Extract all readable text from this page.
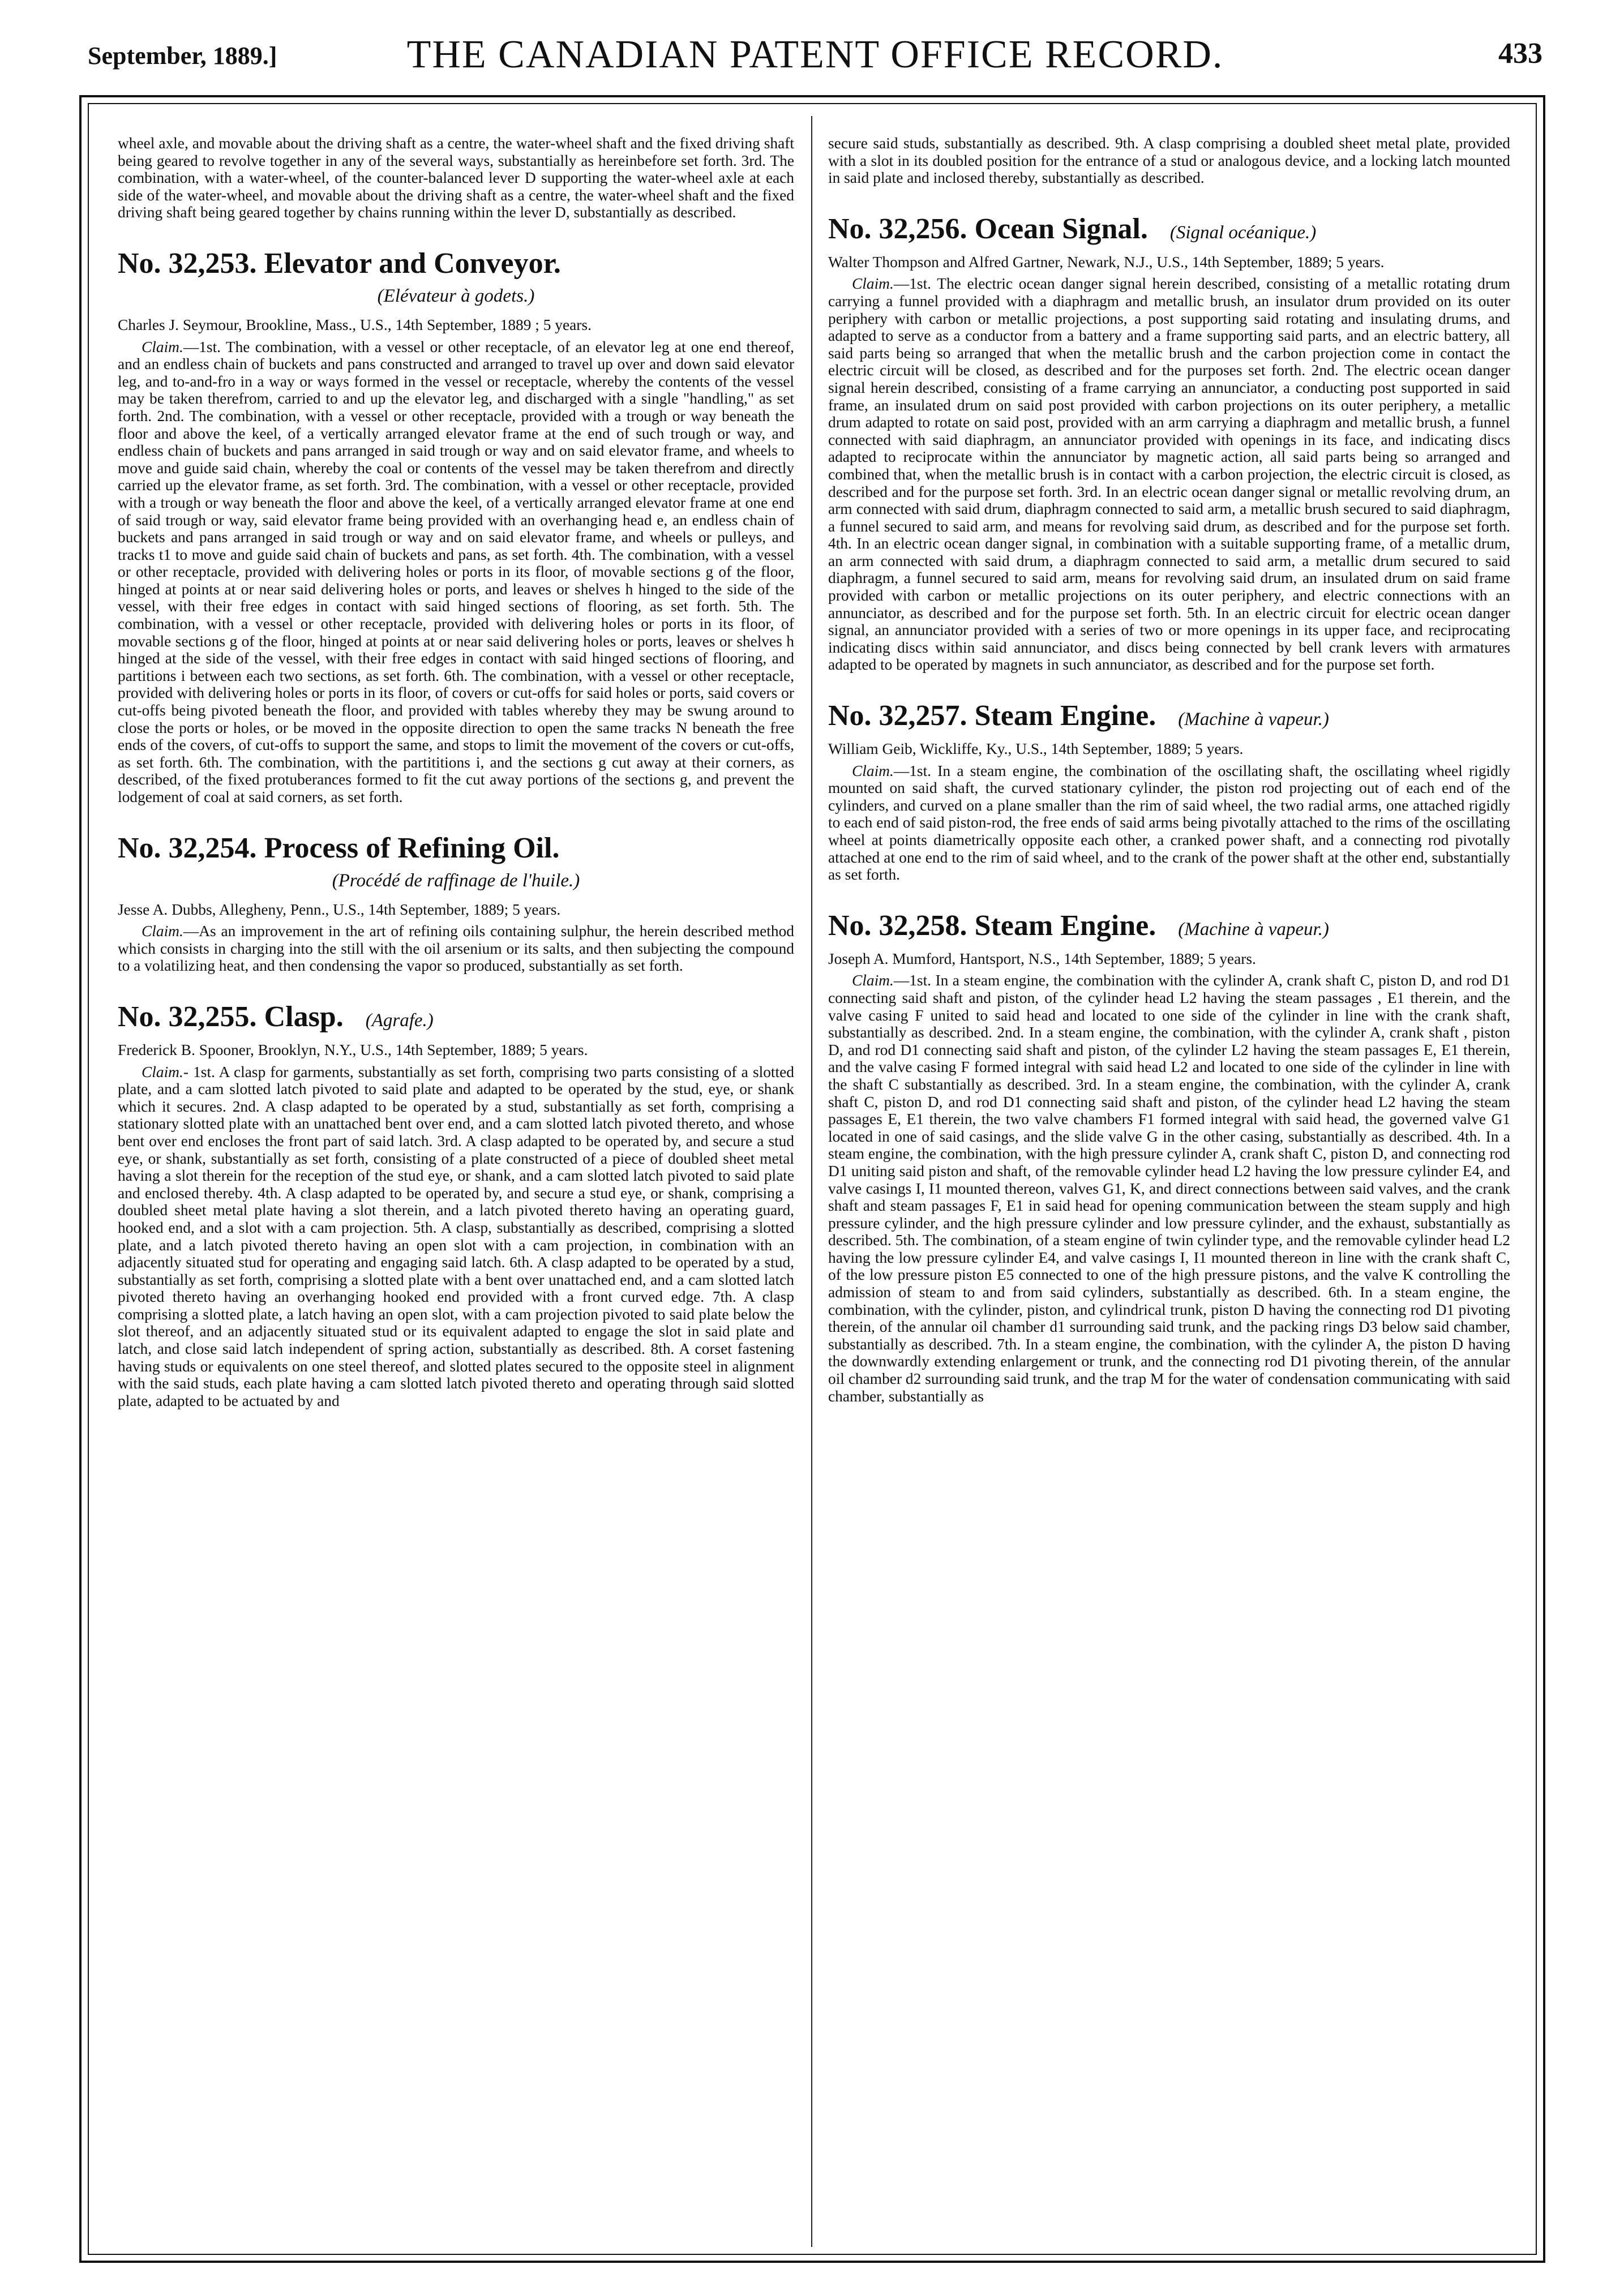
September, 1889.]	THE CANADIAN PATENT OFFICE RECORD.	433

wheel axle, and movable about the driving shaft as a centre, the water-wheel shaft and the fixed driving shaft being geared to revolve together in any of the several ways, substantially as hereinbefore set forth. 3rd. The combination, with a water-wheel, of the counter-balanced lever D supporting the water-wheel axle at each side of the water-wheel, and movable about the driving shaft as a centre, the water-wheel shaft and the fixed driving shaft being geared together by chains running within the lever D, substantially as described.

No. 32,253. Elevator and Conveyor.
(Elévateur à godets.)

Charles J. Seymour, Brookline, Mass., U.S., 14th September, 1889 ; 5 years.

Claim.—1st. The combination, with a vessel or other receptacle, of an elevator leg at one end thereof, and an endless chain of buckets and pans constructed and arranged to travel up over and down said elevator leg, and to-and-fro in a way or ways formed in the vessel or receptacle, whereby the contents of the vessel may be taken therefrom, carried to and up the elevator leg, and discharged with a single "handling," as set forth. 2nd. The combination, with a vessel or other receptacle, provided with a trough or way beneath the floor and above the keel, of a vertically arranged elevator frame at the end of such trough or way, and endless chain of buckets and pans arranged in said trough or way and on said elevator frame, and wheels to move and guide said chain, whereby the coal or contents of the vessel may be taken therefrom and directly carried up the elevator frame, as set forth. 3rd. The combination, with a vessel or other receptacle, provided with a trough or way beneath the floor and above the keel, of a vertically arranged elevator frame at one end of said trough or way, said elevator frame being provided with an overhanging head e, an endless chain of buckets and pans arranged in said trough or way and on said elevator frame, and wheels or pulleys, and tracks t1 to move and guide said chain of buckets and pans, as set forth. 4th. The combination, with a vessel or other receptacle, provided with delivering holes or ports in its floor, of movable sections g of the floor, hinged at points at or near said delivering holes or ports, and leaves or shelves h hinged to the side of the vessel, with their free edges in contact with said hinged sections of flooring, as set forth. 5th. The combination, with a vessel or other receptacle, provided with delivering holes or ports in its floor, of movable sections g of the floor, hinged at points at or near said delivering holes or ports, leaves or shelves h hinged at the side of the vessel, with their free edges in contact with said hinged sections of flooring, and partitions i between each two sections, as set forth. 6th. The combination, with a vessel or other receptacle, provided with delivering holes or ports in its floor, of covers or cut-offs for said holes or ports, said covers or cut-offs being pivoted beneath the floor, and provided with tables whereby they may be swung around to close the ports or holes, or be moved in the opposite direction to open the same tracks N beneath the free ends of the covers, of cut-offs to support the same, and stops to limit the movement of the covers or cut-offs, as set forth. 6th. The combination, with the partititions i, and the sections g cut away at their corners, as described, of the fixed protuberances formed to fit the cut away portions of the sections g, and prevent the lodgement of coal at said corners, as set forth.

No. 32,254. Process of Refining Oil.
(Procédé de raffinage de l'huile.)

Jesse A. Dubbs, Allegheny, Penn., U.S., 14th September, 1889; 5 years.

Claim.—As an improvement in the art of refining oils containing sulphur, the herein described method which consists in charging into the still with the oil arsenium or its salts, and then subjecting the compound to a volatilizing heat, and then condensing the vapor so produced, substantially as set forth.

No. 32,255. Clasp. (Agrafe.)

Frederick B. Spooner, Brooklyn, N.Y., U.S., 14th September, 1889; 5 years.

Claim.- 1st. A clasp for garments, substantially as set forth, comprising two parts consisting of a slotted plate, and a cam slotted latch pivoted to said plate and adapted to be operated by the stud, eye, or shank which it secures. 2nd. A clasp adapted to be operated by a stud, substantially as set forth, comprising a stationary slotted plate with an unattached bent over end, and a cam slotted latch pivoted thereto, and whose bent over end encloses the front part of said latch. 3rd. A clasp adapted to be operated by, and secure a stud eye, or shank, substantially as set forth, consisting of a plate constructed of a piece of doubled sheet metal having a slot therein for the reception of the stud eye, or shank, and a cam slotted latch pivoted to said plate and enclosed thereby. 4th. A clasp adapted to be operated by, and secure a stud eye, or shank, comprising a doubled sheet metal plate having a slot therein, and a latch pivoted thereto having an operating guard, hooked end, and a slot with a cam projection. 5th. A clasp, substantially as described, comprising a slotted plate, and a latch pivoted thereto having an open slot with a cam projection, in combination with an adjacently situated stud for operating and engaging said latch. 6th. A clasp adapted to be operated by a stud, substantially as set forth, comprising a slotted plate with a bent over unattached end, and a cam slotted latch pivoted thereto having an overhanging hooked end provided with a front curved edge. 7th. A clasp comprising a slotted plate, a latch having an open slot, with a cam projection pivoted to said plate below the slot thereof, and an adjacently situated stud or its equivalent adapted to engage the slot in said plate and latch, and close said latch independent of spring action, substantially as described. 8th. A corset fastening having studs or equivalents on one steel thereof, and slotted plates secured to the opposite steel in alignment with the said studs, each plate having a cam slotted latch pivoted thereto and operating through said slotted plate, adapted to be actuated by and

secure said studs, substantially as described. 9th. A clasp comprising a doubled sheet metal plate, provided with a slot in its doubled position for the entrance of a stud or analogous device, and a locking latch mounted in said plate and inclosed thereby, substantially as described.

No. 32,256. Ocean Signal. (Signal océanique.)

Walter Thompson and Alfred Gartner, Newark, N.J., U.S., 14th September, 1889; 5 years.

Claim.—1st. The electric ocean danger signal herein described, consisting of a metallic rotating drum carrying a funnel provided with a diaphragm and metallic brush, an insulator drum provided on its outer periphery with carbon or metallic projections, a post supporting said rotating and insulating drums, and adapted to serve as a conductor from a battery and a frame supporting said parts, and an electric battery, all said parts being so arranged that when the metallic brush and the carbon projection come in contact the electric circuit will be closed, as described and for the purposes set forth. 2nd. The electric ocean danger signal herein described, consisting of a frame carrying an annunciator, a conducting post supported in said frame, an insulated drum on said post provided with carbon projections on its outer periphery, a metallic drum adapted to rotate on said post, provided with an arm carrying a diaphragm and metallic brush, a funnel connected with said diaphragm, an annunciator provided with openings in its face, and indicating discs adapted to reciprocate within the annunciator by magnetic action, all said parts being so arranged and combined that, when the metallic brush is in contact with a carbon projection, the electric circuit is closed, as described and for the purpose set forth. 3rd. In an electric ocean danger signal or metallic revolving drum, an arm connected with said drum, diaphragm connected to said arm, a metallic brush secured to said diaphragm, a funnel secured to said arm, and means for revolving said drum, as described and for the purpose set forth. 4th. In an electric ocean danger signal, in combination with a suitable supporting frame, of a metallic drum, an arm connected with said drum, a diaphragm connected to said arm, a metallic drum secured to said diaphragm, a funnel secured to said arm, means for revolving said drum, an insulated drum on said frame provided with carbon or metallic projections on its outer periphery, and electric connections with an annunciator, as described and for the purpose set forth. 5th. In an electric circuit for electric ocean danger signal, an annunciator provided with a series of two or more openings in its upper face, and reciprocating indicating discs within said annunciator, and discs being connected by bell crank levers with armatures adapted to be operated by magnets in such annunciator, as described and for the purpose set forth.

No. 32,257. Steam Engine. (Machine à vapeur.)

William Geib, Wickliffe, Ky., U.S., 14th September, 1889; 5 years.

Claim.—1st. In a steam engine, the combination of the oscillating shaft, the oscillating wheel rigidly mounted on said shaft, the curved stationary cylinder, the piston rod projecting out of each end of the cylinders, and curved on a plane smaller than the rim of said wheel, the two radial arms, one attached rigidly to each end of said piston-rod, the free ends of said arms being pivotally attached to the rims of the oscillating wheel at points diametrically opposite each other, a cranked power shaft, and a connecting rod pivotally attached at one end to the rim of said wheel, and to the crank of the power shaft at the other end, substantially as set forth.

No. 32,258. Steam Engine. (Machine à vapeur.)

Joseph A. Mumford, Hantsport, N.S., 14th September, 1889; 5 years.

Claim.—1st. In a steam engine, the combination with the cylinder A, crank shaft C, piston D, and rod D1 connecting said shaft and piston, of the cylinder head L2 having the steam passages , E1 therein, and the valve casing F united to said head and located to one side of the cylinder in line with the crank shaft, substantially as described. 2nd. In a steam engine, the combination, with the cylinder A, crank shaft , piston D, and rod D1 connecting said shaft and piston, of the cylinder L2 having the steam passages E, E1 therein, and the valve casing F formed integral with said head L2 and located to one side of the cylinder in line with the shaft C substantially as described. 3rd. In a steam engine, the combination, with the cylinder A, crank shaft C, piston D, and rod D1 connecting said shaft and piston, of the cylinder head L2 having the steam passages E, E1 therein, the two valve chambers F1 formed integral with said head, the governed valve G1 located in one of said casings, and the slide valve G in the other casing, substantially as described. 4th. In a steam engine, the combination, with the high pressure cylinder A, crank shaft C, piston D, and connecting rod D1 uniting said piston and shaft, of the removable cylinder head L2 having the low pressure cylinder E4, and valve casings I, I1 mounted thereon, valves G1, K, and direct connections between said valves, and the crank shaft and steam passages F, E1 in said head for opening communication between the steam supply and high pressure cylinder, and the high pressure cylinder and low pressure cylinder, and the exhaust, substantially as described. 5th. The combination, of a steam engine of twin cylinder type, and the removable cylinder head L2 having the low pressure cylinder E4, and valve casings I, I1 mounted thereon in line with the crank shaft C, of the low pressure piston E5 connected to one of the high pressure pistons, and the valve K controlling the admission of steam to and from said cylinders, substantially as described. 6th. In a steam engine, the combination, with the cylinder, piston, and cylindrical trunk, piston D having the connecting rod D1 pivoting therein, of the annular oil chamber d1 surrounding said trunk, and the packing rings D3 below said chamber, substantially as described. 7th. In a steam engine, the combination, with the cylinder A, the piston D having the downwardly extending enlargement or trunk, and the connecting rod D1 pivoting therein, of the annular oil chamber d2 surrounding said trunk, and the trap M for the water of condensation communicating with said chamber, substantially as
